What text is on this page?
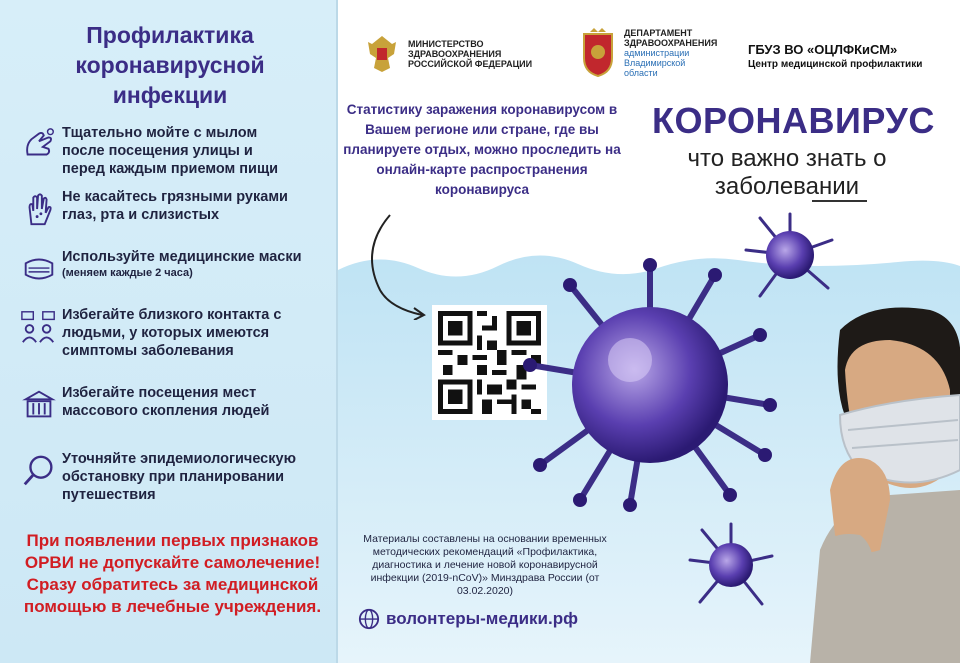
Профилактика коронавирусной инфекции
Тщательно мойте с мылом после посещения улицы и перед каждым приемом пищи
Не касайтесь грязными руками глаз, рта и слизистых
Используйте медицинские маски
(меняем каждые 2 часа)
Избегайте близкого контакта с людьми, у которых имеются симптомы заболевания
Избегайте посещения мест массового скопления людей
Уточняйте эпидемиологическую обстановку при планировании путешествия
При появлении первых признаков ОРВИ не допускайте самолечение! Сразу обратитесь за медицинской помощью в лечебные учреждения.
МИНИСТЕРСТВО ЗДРАВООХРАНЕНИЯ РОССИЙСКОЙ ФЕДЕРАЦИИ
ДЕПАРТАМЕНТ ЗДРАВООХРАНЕНИЯ
администрации Владимирской области
ГБУЗ ВО «ОЦЛФКиСМ»
Центр медицинской профилактики
Статистику заражения коронавирусом в Вашем регионе или стране, где вы планируете отдых, можно проследить на онлайн-карте распространения коронавируса
КОРОНАВИРУС
что важно знать о заболевании
Материалы составлены на основании временных методических рекомендаций «Профилактика, диагностика и лечение новой коронавирусной инфекции (2019-nCoV)» Минздрава России (от 03.02.2020)
волонтеры-медики.рф
